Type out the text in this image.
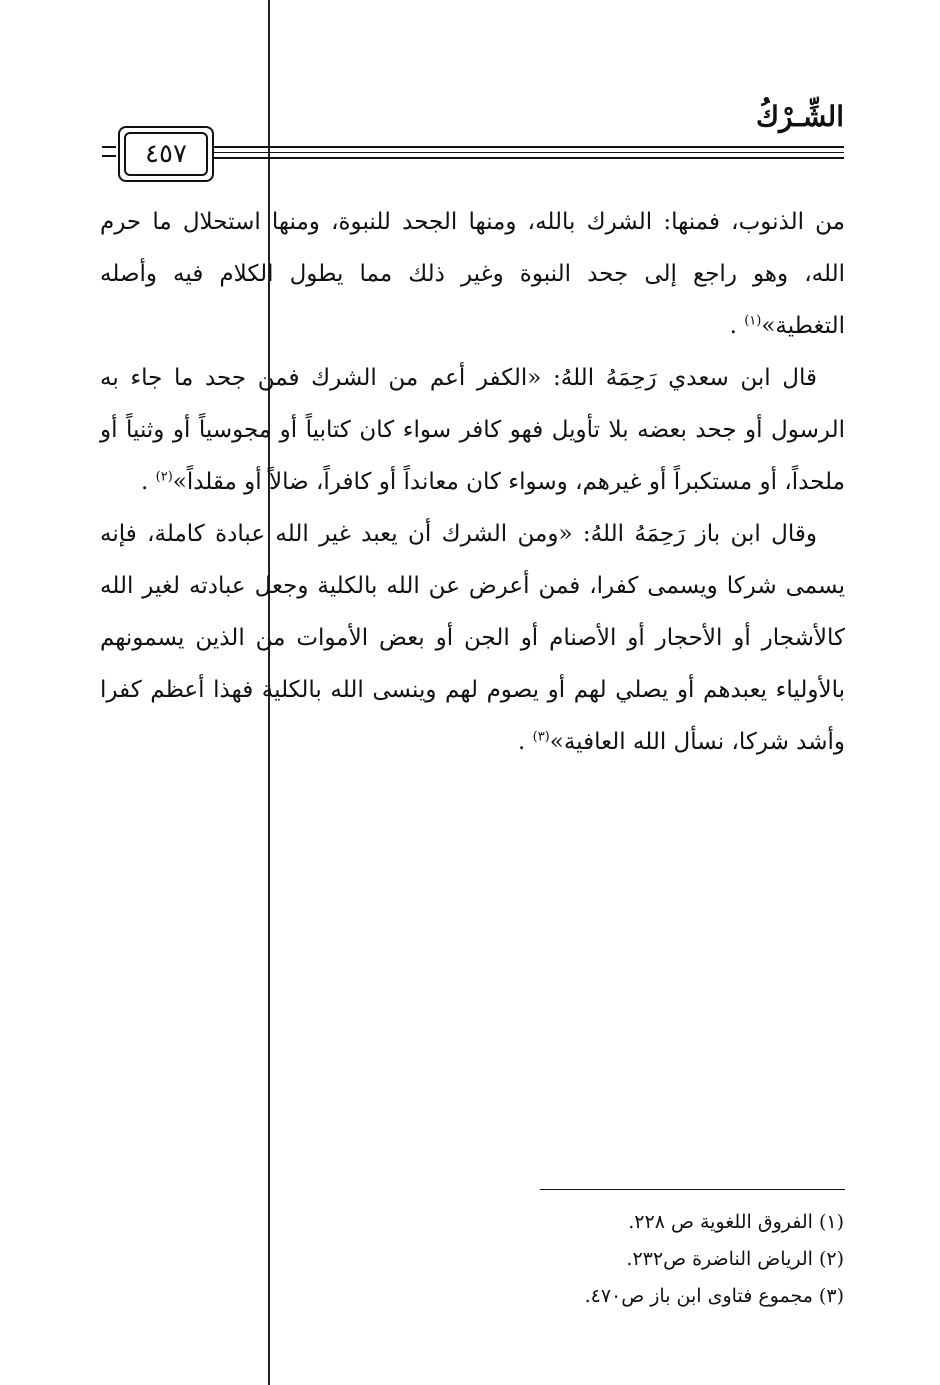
الشِّـرْكُ
٤٥٧

من الذنوب، فمنها: الشرك بالله، ومنها الجحد للنبوة، ومنها استحلال ما حرم الله، وهو راجع إلى جحد النبوة وغير ذلك مما يطول الكلام فيه وأصله التغطية»$^{(١)}$ .

قال ابن سعدي رَحِمَهُ اللهُ: «الكفر أعم من الشرك فمن جحد ما جاء به الرسول أو جحد بعضه بلا تأويل فهو كافر سواء كان كتابياً أو مجوسياً أو وثنياً أو ملحداً، أو مستكبراً أو غيرهم، وسواء كان معانداً أو كافراً، ضالاً أو مقلداً»$^{(٢)}$ .

وقال ابن باز رَحِمَهُ اللهُ: «ومن الشرك أن يعبد غير الله عبادة كاملة، فإنه يسمى شركا ويسمى كفرا، فمن أعرض عن الله بالكلية وجعل عبادته لغير الله كالأشجار أو الأحجار أو الأصنام أو الجن أو بعض الأموات من الذين يسمونهم بالأولياء يعبدهم أو يصلي لهم أو يصوم لهم وينسى الله بالكلية فهذا أعظم كفرا وأشد شركا، نسأل الله العافية»$^{(٣)}$ .

(١) الفروق اللغوية ص ٢٢٨.
(٢) الرياض الناضرة ص٢٣٢.
(٣) مجموع فتاوى ابن باز ص٤٧٠.
